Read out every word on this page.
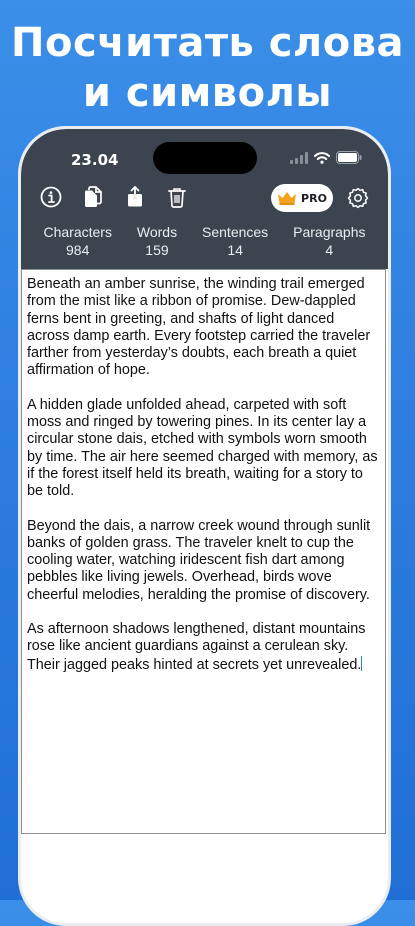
Посчитать слова
и символы
23.04
PRO
Characters
984
Words
159
Sentences
14
Paragraphs
4

Beneath an amber sunrise, the winding trail emerged from the mist like a ribbon of promise. Dew-dappled ferns bent in greeting, and shafts of light danced across damp earth. Every footstep carried the traveler farther from yesterday’s doubts, each breath a quiet affirmation of hope.

A hidden glade unfolded ahead, carpeted with soft moss and ringed by towering pines. In its center lay a circular stone dais, etched with symbols worn smooth by time. The air here seemed charged with memory, as if the forest itself held its breath, waiting for a story to be told.

Beyond the dais, a narrow creek wound through sunlit banks of golden grass. The traveler knelt to cup the cooling water, watching iridescent fish dart among pebbles like living jewels. Overhead, birds wove cheerful melodies, heralding the promise of discovery.

As afternoon shadows lengthened, distant mountains rose like ancient guardians against a cerulean sky. Their jagged peaks hinted at secrets yet unrevealed.
